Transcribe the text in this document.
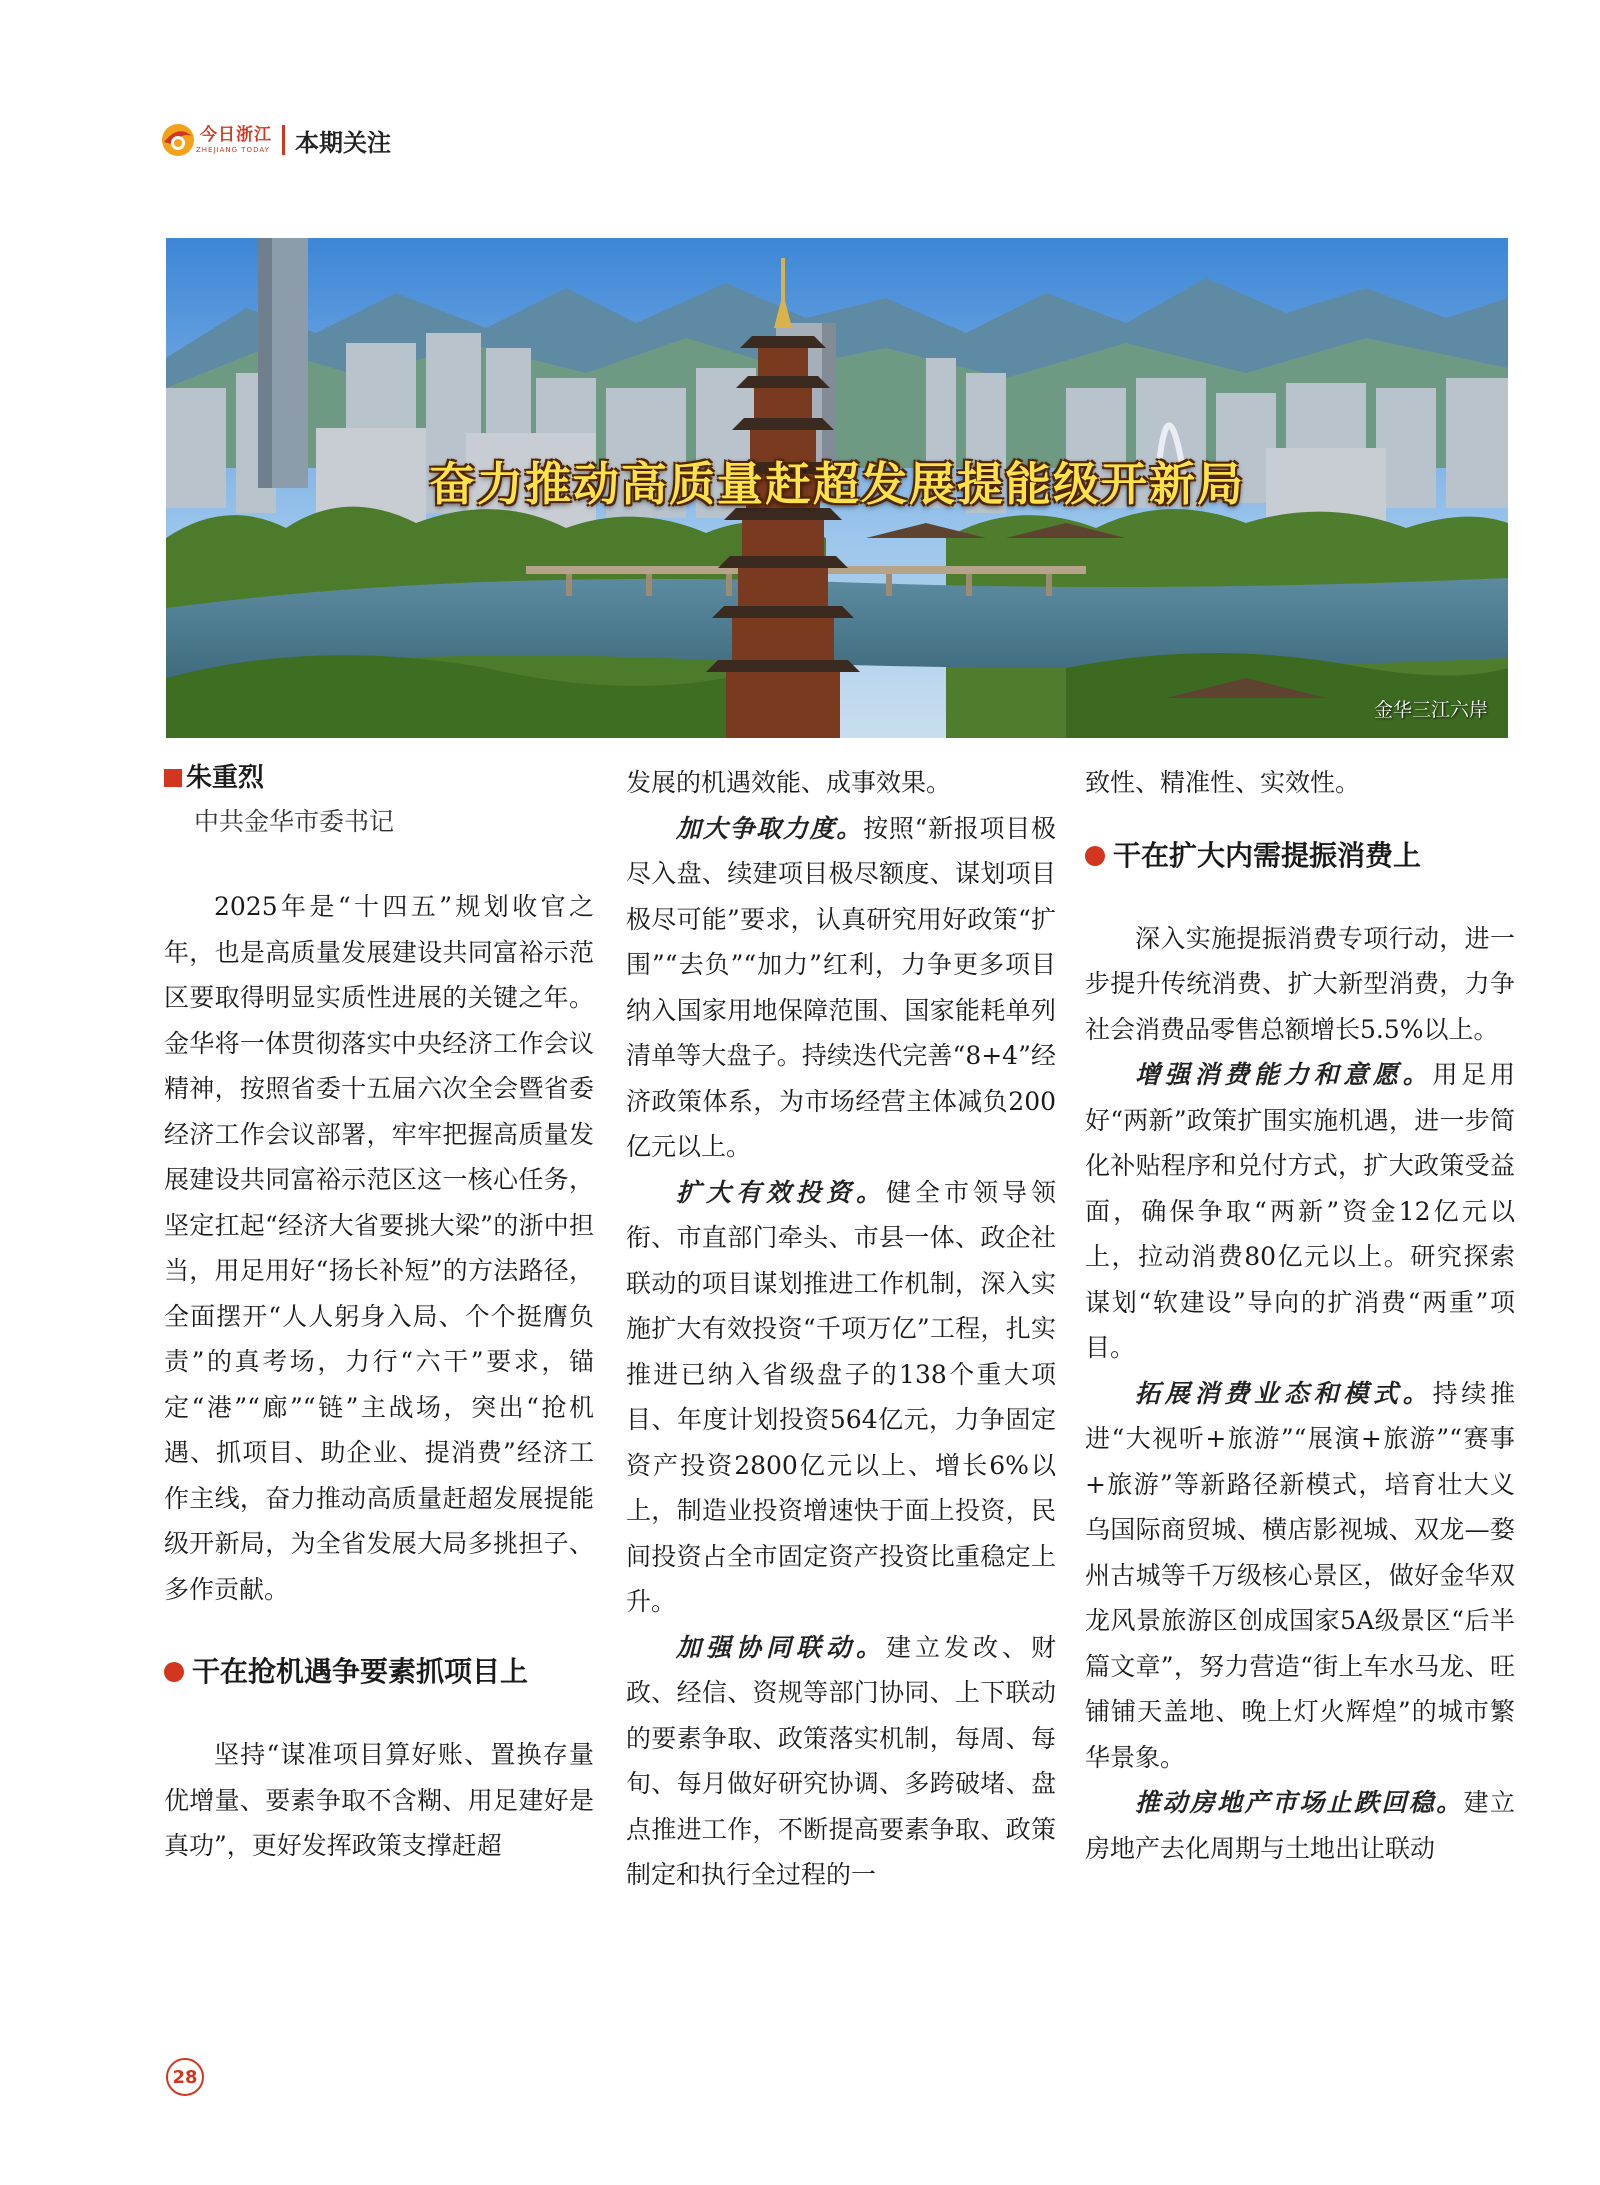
今日浙江
ZHEJIANG TODAY 本期关注
奋力推动高质量赶超发展提能级开新局
金华三江六岸
朱重烈
中共金华市委书记

2025年是“十四五”规划收官之年，也是高质量发展建设共同富裕示范区要取得明显实质性进展的关键之年。金华将一体贯彻落实中央经济工作会议精神，按照省委十五届六次全会暨省委经济工作会议部署，牢牢把握高质量发展建设共同富裕示范区这一核心任务，坚定扛起“经济大省要挑大梁”的浙中担当，用足用好“扬长补短”的方法路径，全面摆开“人人躬身入局、个个挺膺负责”的真考场，力行“六干”要求，锚定“港”“廊”“链”主战场，突出“抢机遇、抓项目、助企业、提消费”经济工作主线，奋力推动高质量赶超发展提能级开新局，为全省发展大局多挑担子、多作贡献。

干在抢机遇争要素抓项目上

坚持“谋准项目算好账、置换存量优增量、要素争取不含糊、用足建好是真功”，更好发挥政策支撑赶超

发展的机遇效能、成事效果。

加大争取力度。按照“新报项目极尽入盘、续建项目极尽额度、谋划项目极尽可能”要求，认真研究用好政策“扩围”“去负”“加力”红利，力争更多项目纳入国家用地保障范围、国家能耗单列清单等大盘子。持续迭代完善“8+4”经济政策体系，为市场经营主体减负200亿元以上。

扩大有效投资。健全市领导领衔、市直部门牵头、市县一体、政企社联动的项目谋划推进工作机制，深入实施扩大有效投资“千项万亿”工程，扎实推进已纳入省级盘子的138个重大项目、年度计划投资564亿元，力争固定资产投资2800亿元以上、增长6%以上，制造业投资增速快于面上投资，民间投资占全市固定资产投资比重稳定上升。

加强协同联动。建立发改、财政、经信、资规等部门协同、上下联动的要素争取、政策落实机制，每周、每旬、每月做好研究协调、多跨破堵、盘点推进工作，不断提高要素争取、政策制定和执行全过程的一

致性、精准性、实效性。

干在扩大内需提振消费上

深入实施提振消费专项行动，进一步提升传统消费、扩大新型消费，力争社会消费品零售总额增长5.5%以上。

增强消费能力和意愿。用足用好“两新”政策扩围实施机遇，进一步简化补贴程序和兑付方式，扩大政策受益面，确保争取“两新”资金12亿元以上，拉动消费80亿元以上。研究探索谋划“软建设”导向的扩消费“两重”项目。

拓展消费业态和模式。持续推进“大视听+旅游”“展演+旅游”“赛事+旅游”等新路径新模式，培育壮大义乌国际商贸城、横店影视城、双龙—婺州古城等千万级核心景区，做好金华双龙风景旅游区创成国家5A级景区“后半篇文章”，努力营造“街上车水马龙、旺铺铺天盖地、晚上灯火辉煌”的城市繁华景象。

推动房地产市场止跌回稳。建立房地产去化周期与土地出让联动

28
